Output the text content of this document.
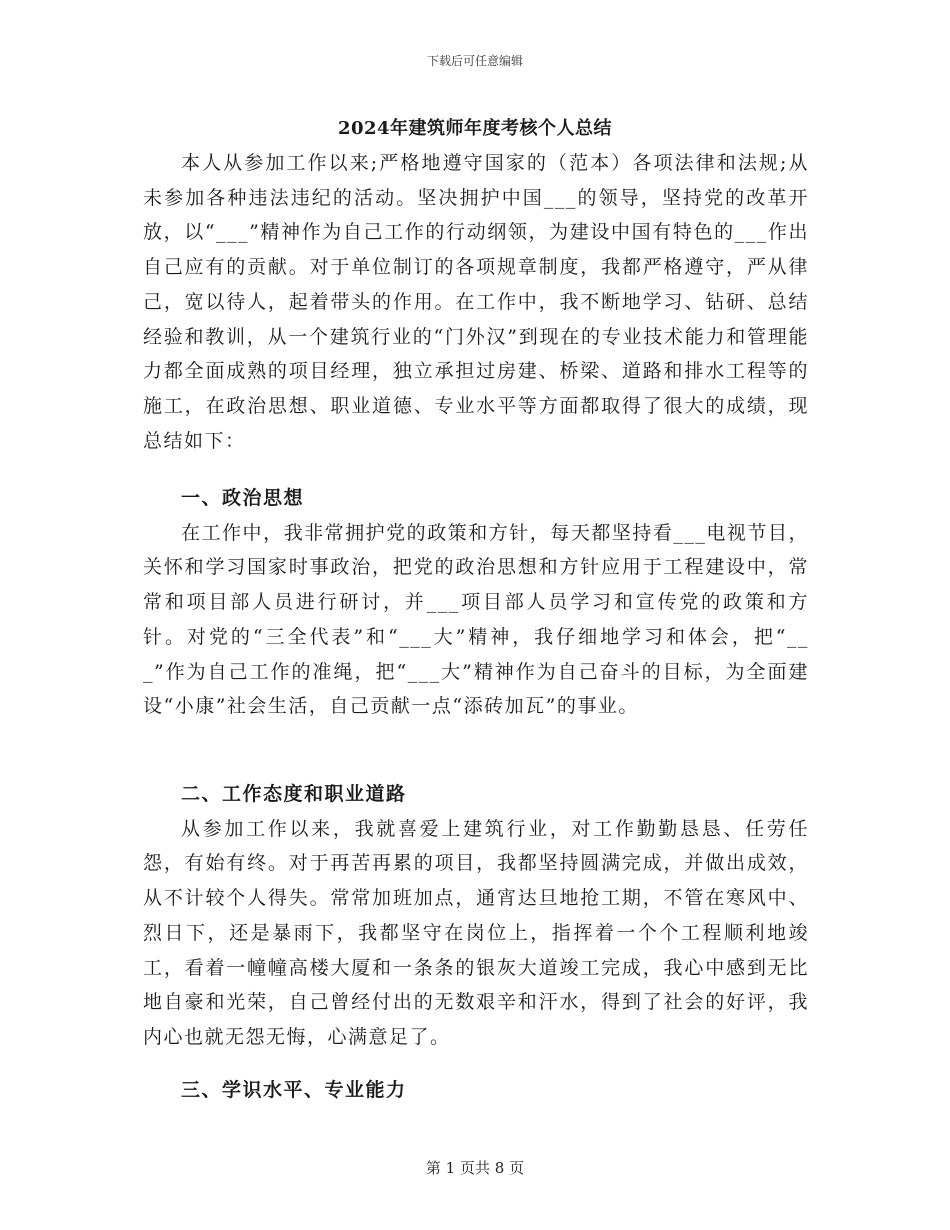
下载后可任意编辑
2024年建筑师年度考核个人总结

本人从参加工作以来;严格地遵守国家的（范本）各项法律和法规;从未参加各种违法违纪的活动。坚决拥护中国___的领导，坚持党的改革开放，以“___”精神作为自己工作的行动纲领，为建设中国有特色的___作出自己应有的贡献。对于单位制订的各项规章制度，我都严格遵守，严从律己，宽以待人，起着带头的作用。在工作中，我不断地学习、钻研、总结经验和教训，从一个建筑行业的“门外汉”到现在的专业技术能力和管理能力都全面成熟的项目经理，独立承担过房建、桥梁、道路和排水工程等的施工，在政治思想、职业道德、专业水平等方面都取得了很大的成绩，现总结如下：

一、政治思想

在工作中，我非常拥护党的政策和方针，每天都坚持看___电视节目，关怀和学习国家时事政治，把党的政治思想和方针应用于工程建设中，常常和项目部人员进行研讨，并___项目部人员学习和宣传党的政策和方针。对党的“三全代表”和“___大”精神，我仔细地学习和体会，把“___”作为自己工作的准绳，把“___大”精神作为自己奋斗的目标，为全面建设“小康”社会生活，自己贡献一点“添砖加瓦”的事业。

二、工作态度和职业道路

从参加工作以来，我就喜爱上建筑行业，对工作勤勤恳恳、任劳任怨，有始有终。对于再苦再累的项目，我都坚持圆满完成，并做出成效，从不计较个人得失。常常加班加点，通宵达旦地抢工期，不管在寒风中、烈日下，还是暴雨下，我都坚守在岗位上，指挥着一个个工程顺利地竣工，看着一幢幢高楼大厦和一条条的银灰大道竣工完成，我心中感到无比地自豪和光荣，自己曾经付出的无数艰辛和汗水，得到了社会的好评，我内心也就无怨无悔，心满意足了。

三、学识水平、专业能力

第 1 页共 8 页
